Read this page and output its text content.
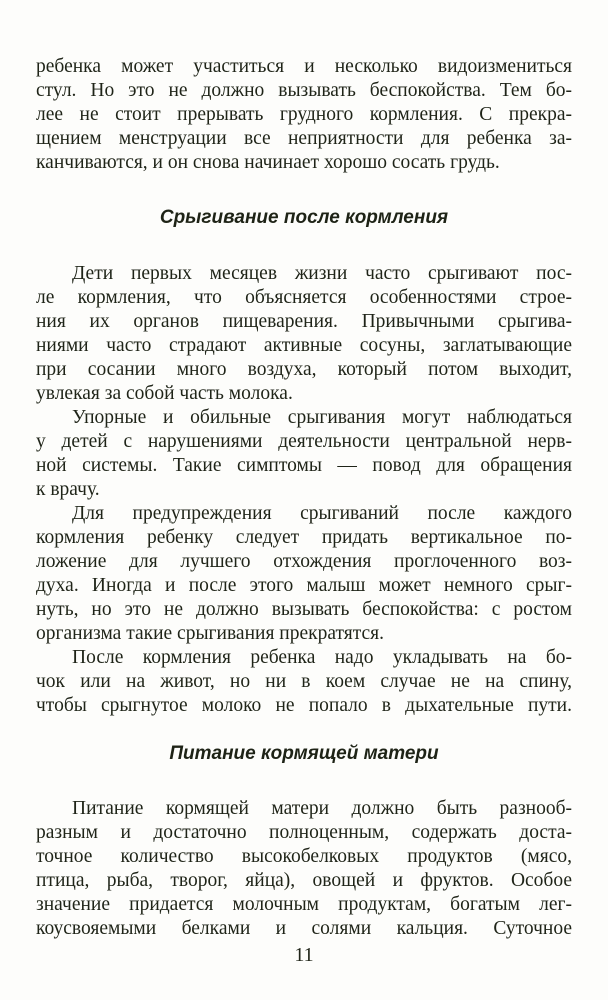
ребенка может участиться и несколько видоизмениться
стул. Но это не должно вызывать беспокойства. Тем бо-
лее не стоит прерывать грудного кормления. С прекра-
щением менструации все неприятности для ребенка за-
канчиваются, и он снова начинает хорошо сосать грудь.
Срыгивание после кормления
Дети первых месяцев жизни часто срыгивают пос-
ле кормления, что объясняется особенностями строе-
ния их органов пищеварения. Привычными срыгива-
ниями часто страдают активные сосуны, заглатывающие
при сосании много воздуха, который потом выходит,
увлекая за собой часть молока.
Упорные и обильные срыгивания могут наблюдаться
у детей с нарушениями деятельности центральной нерв-
ной системы. Такие симптомы — повод для обращения
к врачу.
Для предупреждения срыгиваний после каждого
кормления ребенку следует придать вертикальное по-
ложение для лучшего отхождения проглоченного воз-
духа. Иногда и после этого малыш может немного срыг-
нуть, но это не должно вызывать беспокойства: с ростом
организма такие срыгивания прекратятся.
После кормления ребенка надо укладывать на бо-
чок или на живот, но ни в коем случае не на спину,
чтобы срыгнутое молоко не попало в дыхательные пути.
Питание кормящей матери
Питание кормящей матери должно быть разнооб-
разным и достаточно полноценным, содержать доста-
точное количество высокобелковых продуктов (мясо,
птица, рыба, творог, яйца), овощей и фруктов. Особое
значение придается молочным продуктам, богатым лег-
коусвояемыми белками и солями кальция. Суточное
11
